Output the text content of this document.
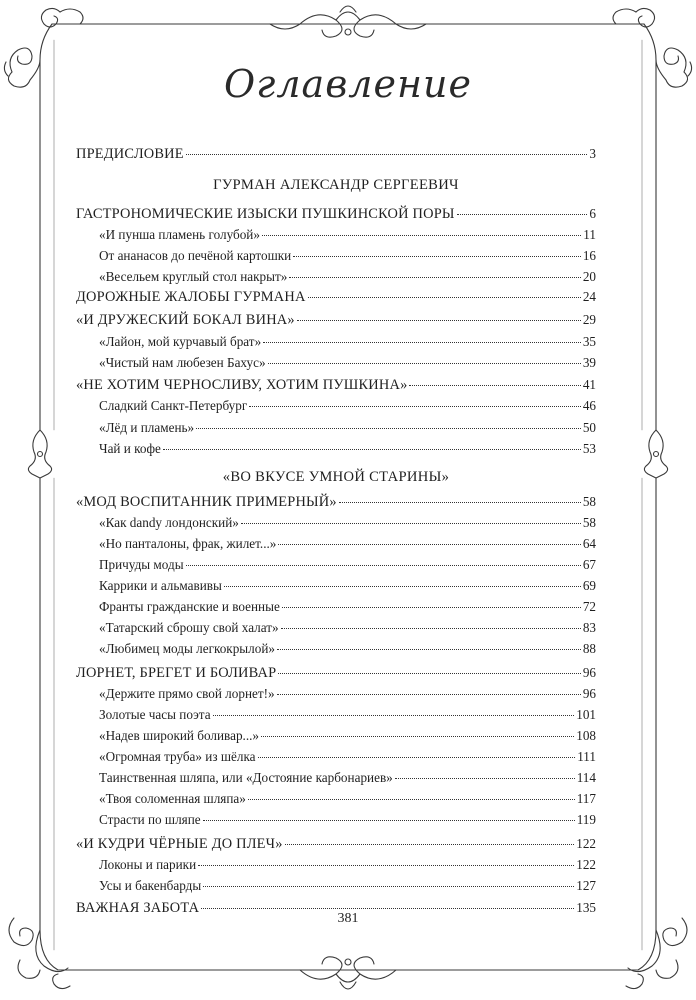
Оглавление
ПРЕДИСЛОВИЕ	3
ГУРМАН АЛЕКСАНДР СЕРГЕЕВИЧ
ГАСТРОНОМИЧЕСКИЕ ИЗЫСКИ ПУШКИНСКОЙ ПОРЫ	6
«И пунша пламень голубой»	11
От ананасов до печёной картошки	16
«Весельем круглый стол накрыт»	20
ДОРОЖНЫЕ ЖАЛОБЫ ГУРМАНА	24
«И ДРУЖЕСКИЙ БОКАЛ ВИНА»	29
«Лайон, мой курчавый брат»	35
«Чистый нам любезен Бахус»	39
«НЕ ХОТИМ ЧЕРНОСЛИВУ, ХОТИМ ПУШКИНА»	41
Сладкий Санкт-Петербург	46
«Лёд и пламень»	50
Чай и кофе	53
«ВО ВКУСЕ УМНОЙ СТАРИНЫ»
«МОД ВОСПИТАННИК ПРИМЕРНЫЙ»	58
«Как dandy лондонский»	58
«Но панталоны, фрак, жилет...»	64
Причуды моды	67
Каррики и альмавивы	69
Франты гражданские и военные	72
«Татарский сброшу свой халат»	83
«Любимец моды легкокрылой»	88
ЛОРНЕТ, БРЕГЕТ И БОЛИВАР	96
«Держите прямо свой лорнет!»	96
Золотые часы поэта	101
«Надев широкий боливар...»	108
«Огромная труба» из шёлка	111
Таинственная шляпа, или «Достояние карбонариев»	114
«Твоя соломенная шляпа»	117
Страсти по шляпе	119
«И КУДРИ ЧЁРНЫЕ ДО ПЛЕЧ»	122
Локоны и парики	122
Усы и бакенбарды	127
ВАЖНАЯ ЗАБОТА	135
381
